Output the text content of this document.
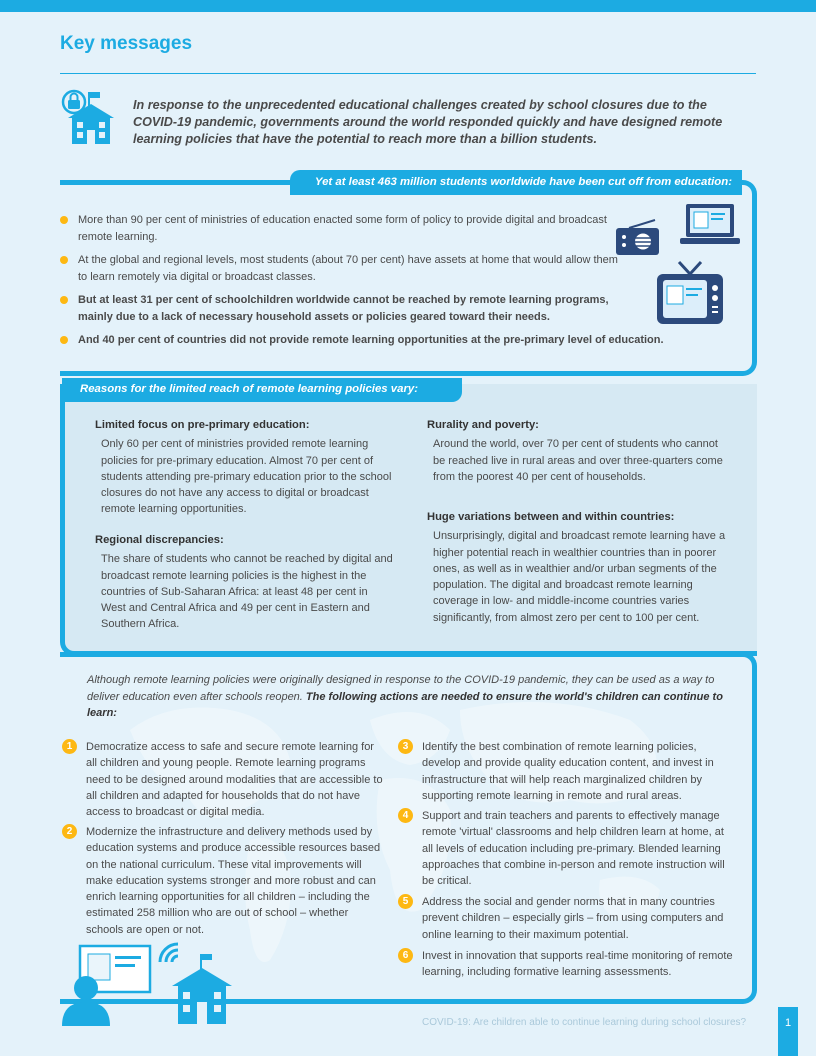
Key messages
In response to the unprecedented educational challenges created by school closures due to the COVID-19 pandemic, governments around the world responded quickly and have designed remote learning policies that have the potential to reach more than a billion students.
Yet at least 463 million students worldwide have been cut off from education:
More than 90 per cent of ministries of education enacted some form of policy to provide digital and broadcast remote learning.
At the global and regional levels, most students (about 70 per cent) have assets at home that would allow them to learn remotely via digital or broadcast classes.
But at least 31 per cent of schoolchildren worldwide cannot be reached by remote learning programs, mainly due to a lack of necessary household assets or policies geared toward their needs.
And 40 per cent of countries did not provide remote learning opportunities at the pre-primary level of education.
Reasons for the limited reach of remote learning policies vary:
Limited focus on pre-primary education:

Only 60 per cent of ministries provided remote learning policies for pre-primary education. Almost 70 per cent of students attending pre-primary education prior to the school closures do not have any access to digital or broadcast remote learning opportunities.

Regional discrepancies:

The share of students who cannot be reached by digital and broadcast remote learning policies is the highest in the countries of Sub-Saharan Africa: at least 48 per cent in West and Central Africa and 49 per cent in Eastern and Southern Africa.

Rurality and poverty:

Around the world, over 70 per cent of students who cannot be reached live in rural areas and over three-quarters come from the poorest 40 per cent of households.

Huge variations between and within countries:

Unsurprisingly, digital and broadcast remote learning have a higher potential reach in wealthier countries than in poorer ones, as well as in wealthier and/or urban segments of the population. The digital and broadcast remote learning coverage in low- and middle-income countries varies significantly, from almost zero per cent to 100 per cent.

Although remote learning policies were originally designed in response to the COVID-19 pandemic, they can be used as a way to deliver education even after schools reopen. The following actions are needed to ensure the world's children can continue to learn:
1	Democratize access to safe and secure remote learning for all children and young people. Remote learning programs need to be designed around modalities that are accessible to all children and adapted for households that do not have access to broadcast or digital media.
2	Modernize the infrastructure and delivery methods used by education systems and produce accessible resources based on the national curriculum. These vital improvements will make education systems stronger and more robust and can enrich learning opportunities for all children – including the estimated 258 million who are out of school – whether schools are open or not.
3	Identify the best combination of remote learning policies, develop and provide quality education content, and invest in infrastructure that will help reach marginalized children by supporting remote learning in remote and rural areas.
4	Support and train teachers and parents to effectively manage remote 'virtual' classrooms and help children learn at home, at all levels of education including pre-primary. Blended learning approaches that combine in-person and remote instruction will be critical.
5	Address the social and gender norms that in many countries prevent children – especially girls – from using computers and online learning to their maximum potential.
6	Invest in innovation that supports real-time monitoring of remote learning, including formative learning assessments.
COVID-19: Are children able to continue learning during school closures?	1
